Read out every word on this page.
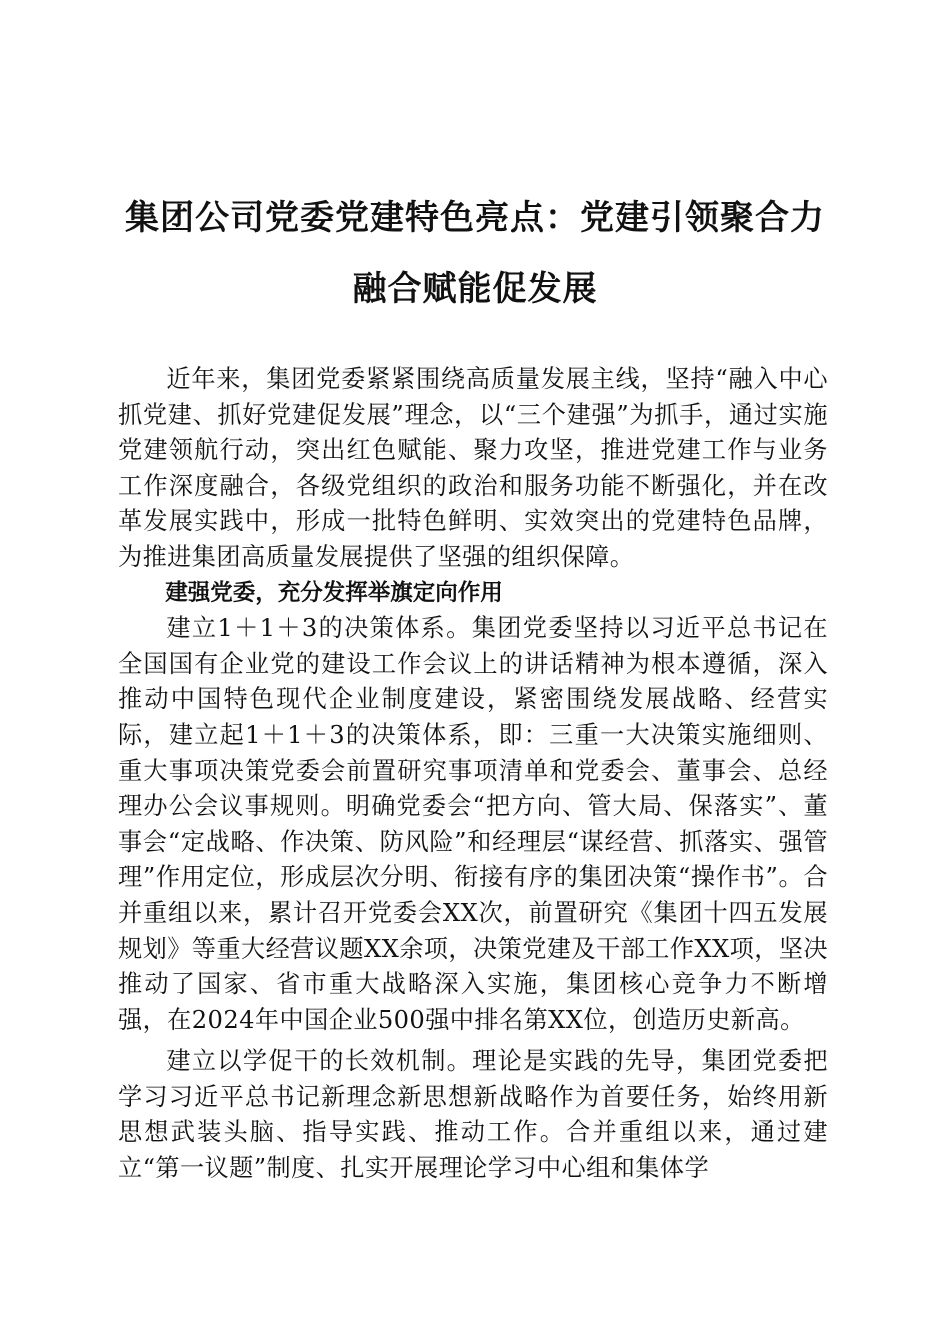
集团公司党委党建特色亮点：党建引领聚合力
融合赋能促发展

近年来，集团党委紧紧围绕高质量发展主线，坚持“融入中心抓党建、抓好党建促发展”理念，以“三个建强”为抓手，通过实施党建领航行动，突出红色赋能、聚力攻坚，推进党建工作与业务工作深度融合，各级党组织的政治和服务功能不断强化，并在改革发展实践中，形成一批特色鲜明、实效突出的党建特色品牌，为推进集团高质量发展提供了坚强的组织保障。

建强党委，充分发挥举旗定向作用

建立1＋1＋3的决策体系。集团党委坚持以习近平总书记在全国国有企业党的建设工作会议上的讲话精神为根本遵循，深入推动中国特色现代企业制度建设，紧密围绕发展战略、经营实际，建立起1＋1＋3的决策体系，即：三重一大决策实施细则、重大事项决策党委会前置研究事项清单和党委会、董事会、总经理办公会议事规则。明确党委会“把方向、管大局、保落实”、董事会“定战略、作决策、防风险”和经理层“谋经营、抓落实、强管理”作用定位，形成层次分明、衔接有序的集团决策“操作书”。合并重组以来，累计召开党委会XX次，前置研究《集团十四五发展规划》等重大经营议题XX余项，决策党建及干部工作XX项，坚决推动了国家、省市重大战略深入实施，集团核心竞争力不断增强，在2024年中国企业500强中排名第XX位，创造历史新高。

建立以学促干的长效机制。理论是实践的先导，集团党委把学习习近平总书记新理念新思想新战略作为首要任务，始终用新思想武装头脑、指导实践、推动工作。合并重组以来，通过建立“第一议题”制度、扎实开展理论学习中心组和集体学
